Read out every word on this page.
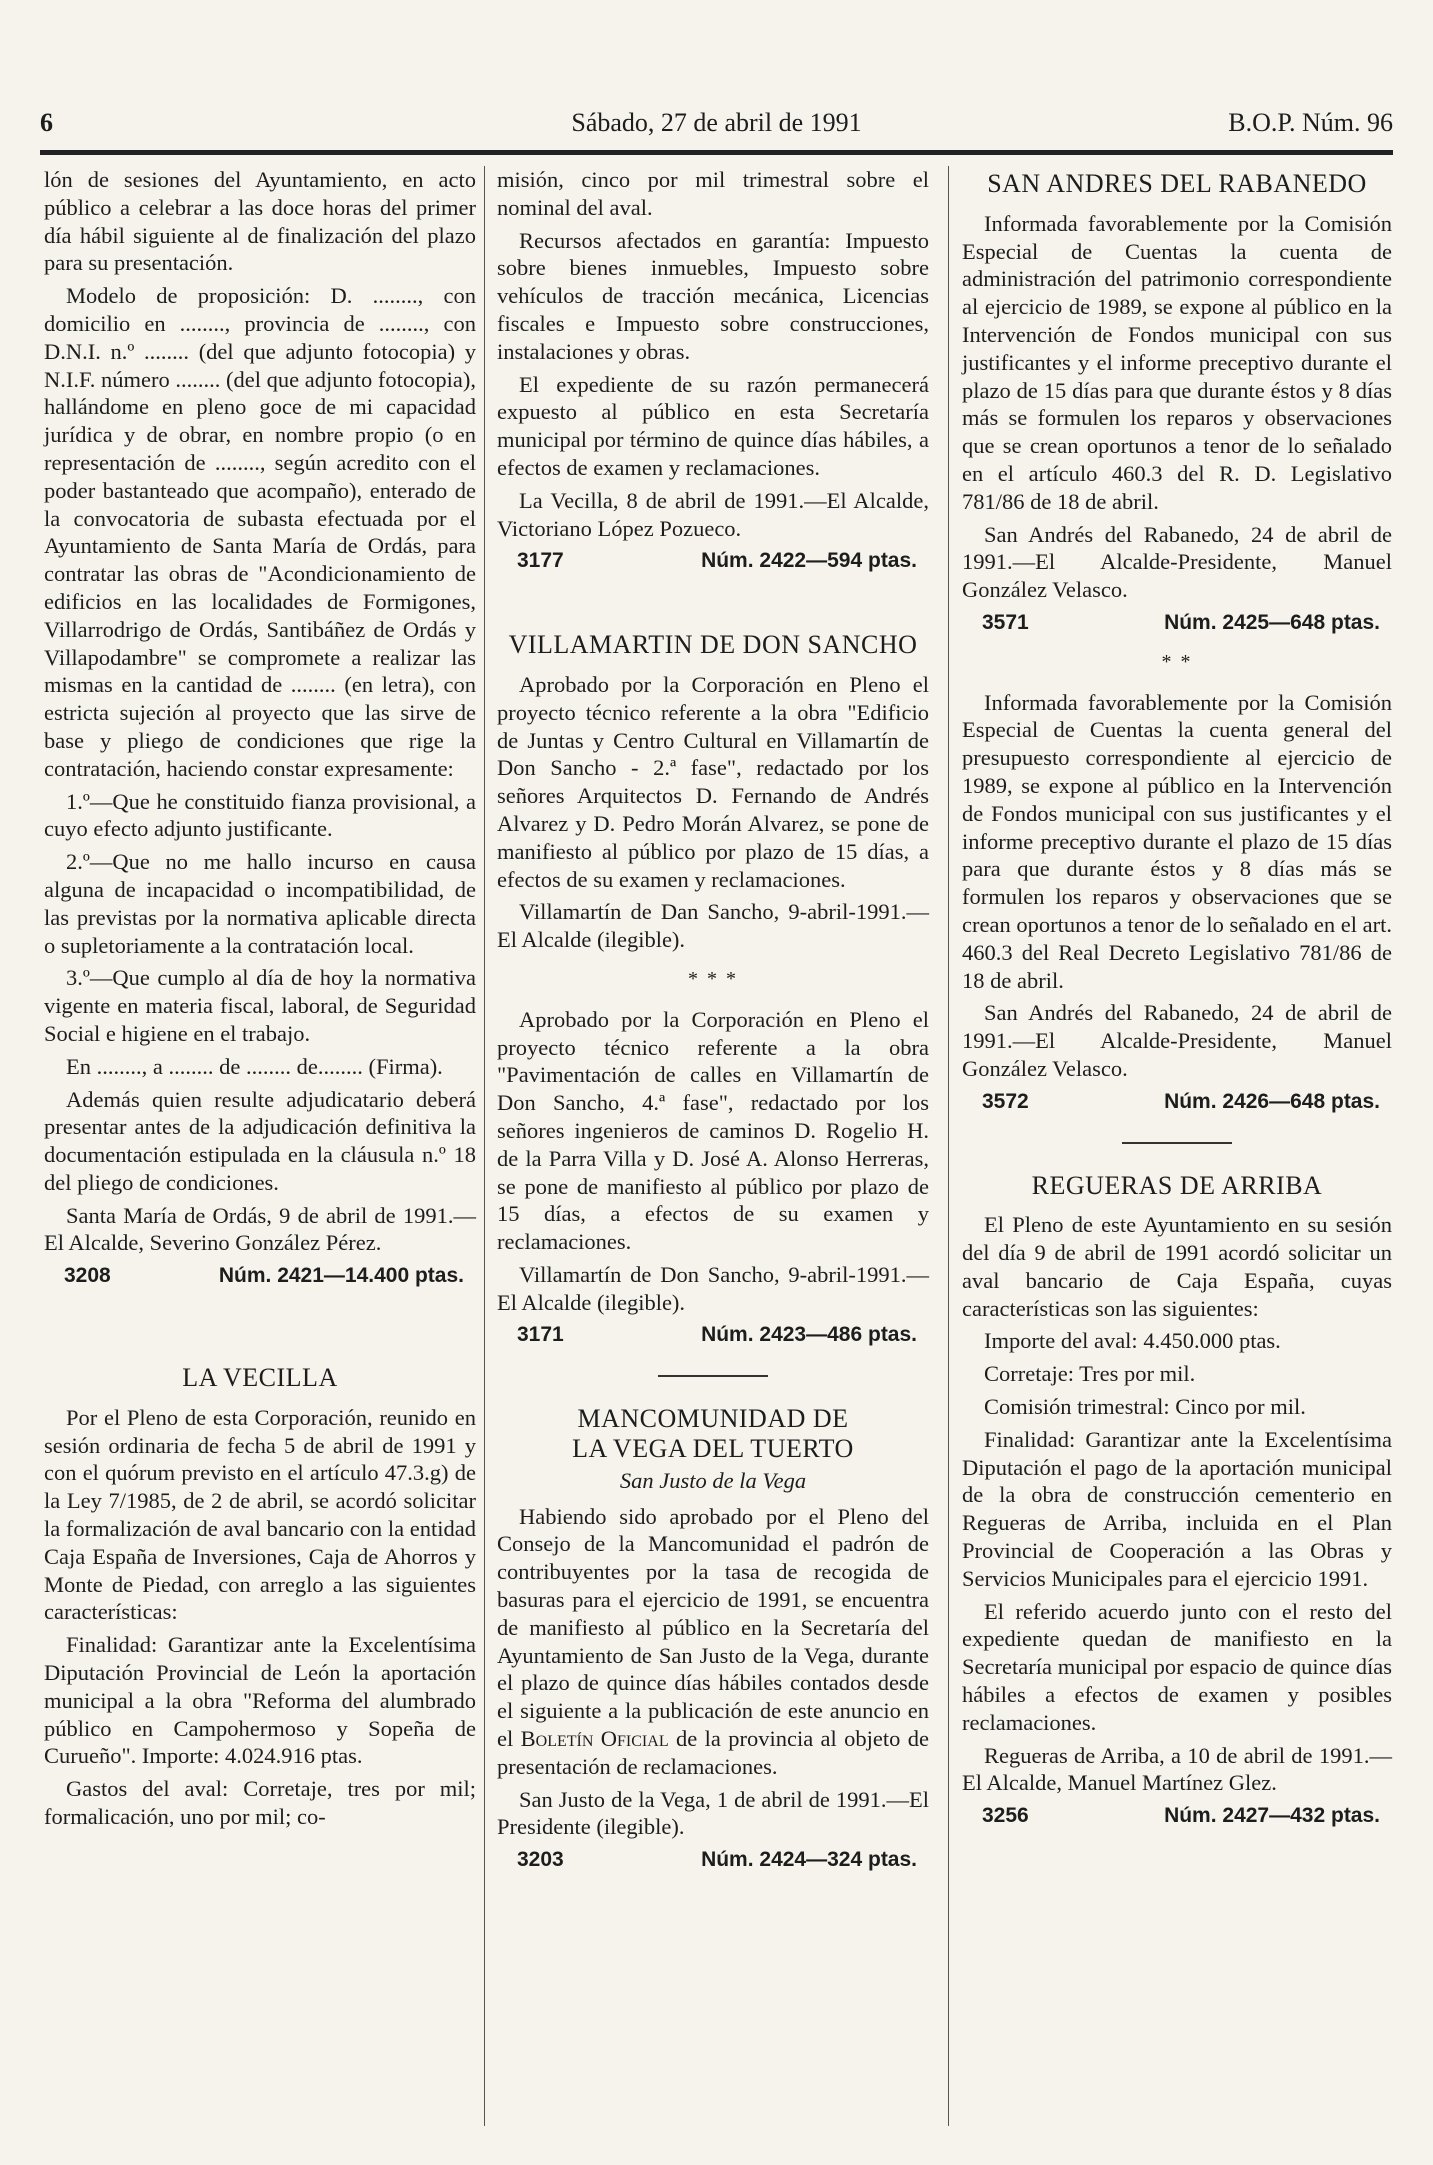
6	Sábado, 27 de abril de 1991	B.O.P. Núm. 96

lón de sesiones del Ayuntamiento, en acto público a celebrar a las doce horas del primer día hábil siguiente al de finalización del plazo para su presentación.

Modelo de proposición: D. ........, con domicilio en ........, provincia de ........, con D.N.I. n.º ........ (del que adjunto fotocopia) y N.I.F. número ........ (del que adjunto fotocopia), hallándome en pleno goce de mi capacidad jurídica y de obrar, en nombre propio (o en representación de ........, según acredito con el poder bastanteado que acompaño), enterado de la convocatoria de subasta efectuada por el Ayuntamiento de Santa María de Ordás, para contratar las obras de "Acondicionamiento de edificios en las localidades de Formigones, Villarrodrigo de Ordás, Santibáñez de Ordás y Villapodambre" se compromete a realizar las mismas en la cantidad de ........ (en letra), con estricta sujeción al proyecto que las sirve de base y pliego de condiciones que rige la contratación, haciendo constar expresamente:

1.º—Que he constituido fianza provisional, a cuyo efecto adjunto justificante.

2.º—Que no me hallo incurso en causa alguna de incapacidad o incompatibilidad, de las previstas por la normativa aplicable directa o supletoriamente a la contratación local.

3.º—Que cumplo al día de hoy la normativa vigente en materia fiscal, laboral, de Seguridad Social e higiene en el trabajo.

En ........, a ........ de ........ de........ (Firma).

Además quien resulte adjudicatario deberá presentar antes de la adjudicación definitiva la documentación estipulada en la cláusula n.º 18 del pliego de condiciones.

Santa María de Ordás, 9 de abril de 1991.—El Alcalde, Severino González Pérez.

3208	Núm. 2421—14.400 ptas.
LA VECILLA

Por el Pleno de esta Corporación, reunido en sesión ordinaria de fecha 5 de abril de 1991 y con el quórum previsto en el artículo 47.3.g) de la Ley 7/1985, de 2 de abril, se acordó solicitar la formalización de aval bancario con la entidad Caja España de Inversiones, Caja de Ahorros y Monte de Piedad, con arreglo a las siguientes características:

Finalidad: Garantizar ante la Excelentísima Diputación Provincial de León la aportación municipal a la obra "Reforma del alumbrado público en Campohermoso y Sopeña de Curueño". Importe: 4.024.916 ptas.

Gastos del aval: Corretaje, tres por mil; formalicación, uno por mil; co-

misión, cinco por mil trimestral sobre el nominal del aval.

Recursos afectados en garantía: Impuesto sobre bienes inmuebles, Impuesto sobre vehículos de tracción mecánica, Licencias fiscales e Impuesto sobre construcciones, instalaciones y obras.

El expediente de su razón permanecerá expuesto al público en esta Secretaría municipal por término de quince días hábiles, a efectos de examen y reclamaciones.

La Vecilla, 8 de abril de 1991.—El Alcalde, Victoriano López Pozueco.

3177	Núm. 2422—594 ptas.
VILLAMARTIN DE DON SANCHO

Aprobado por la Corporación en Pleno el proyecto técnico referente a la obra "Edificio de Juntas y Centro Cultural en Villamartín de Don Sancho - 2.ª fase", redactado por los señores Arquitectos D. Fernando de Andrés Alvarez y D. Pedro Morán Alvarez, se pone de manifiesto al público por plazo de 15 días, a efectos de su examen y reclamaciones.

Villamartín de Dan Sancho, 9-abril-1991.—El Alcalde (ilegible).

* * *

Aprobado por la Corporación en Pleno el proyecto técnico referente a la obra "Pavimentación de calles en Villamartín de Don Sancho, 4.ª fase", redactado por los señores ingenieros de caminos D. Rogelio H. de la Parra Villa y D. José A. Alonso Herreras, se pone de manifiesto al público por plazo de 15 días, a efectos de su examen y reclamaciones.

Villamartín de Don Sancho, 9-abril-1991.—El Alcalde (ilegible).

3171	Núm. 2423—486 ptas.
MANCOMUNIDAD DE
LA VEGA DEL TUERTO
San Justo de la Vega

Habiendo sido aprobado por el Pleno del Consejo de la Mancomunidad el padrón de contribuyentes por la tasa de recogida de basuras para el ejercicio de 1991, se encuentra de manifiesto al público en la Secretaría del Ayuntamiento de San Justo de la Vega, durante el plazo de quince días hábiles contados desde el siguiente a la publicación de este anuncio en el Boletín Oficial de la provincia al objeto de presentación de reclamaciones.

San Justo de la Vega, 1 de abril de 1991.—El Presidente (ilegible).

3203	Núm. 2424—324 ptas.
SAN ANDRES DEL RABANEDO

Informada favorablemente por la Comisión Especial de Cuentas la cuenta de administración del patrimonio correspondiente al ejercicio de 1989, se expone al público en la Intervención de Fondos municipal con sus justificantes y el informe preceptivo durante el plazo de 15 días para que durante éstos y 8 días más se formulen los reparos y observaciones que se crean oportunos a tenor de lo señalado en el artículo 460.3 del R. D. Legislativo 781/86 de 18 de abril.

San Andrés del Rabanedo, 24 de abril de 1991.—El Alcalde-Presidente, Manuel González Velasco.

3571	Núm. 2425—648 ptas.
* *

Informada favorablemente por la Comisión Especial de Cuentas la cuenta general del presupuesto correspondiente al ejercicio de 1989, se expone al público en la Intervención de Fondos municipal con sus justificantes y el informe preceptivo durante el plazo de 15 días para que durante éstos y 8 días más se formulen los reparos y observaciones que se crean oportunos a tenor de lo señalado en el art. 460.3 del Real Decreto Legislativo 781/86 de 18 de abril.

San Andrés del Rabanedo, 24 de abril de 1991.—El Alcalde-Presidente, Manuel González Velasco.

3572	Núm. 2426—648 ptas.
REGUERAS DE ARRIBA

El Pleno de este Ayuntamiento en su sesión del día 9 de abril de 1991 acordó solicitar un aval bancario de Caja España, cuyas características son las siguientes:

Importe del aval: 4.450.000 ptas.

Corretaje: Tres por mil.

Comisión trimestral: Cinco por mil.

Finalidad: Garantizar ante la Excelentísima Diputación el pago de la aportación municipal de la obra de construcción cementerio en Regueras de Arriba, incluida en el Plan Provincial de Cooperación a las Obras y Servicios Municipales para el ejercicio 1991.

El referido acuerdo junto con el resto del expediente quedan de manifiesto en la Secretaría municipal por espacio de quince días hábiles a efectos de examen y posibles reclamaciones.

Regueras de Arriba, a 10 de abril de 1991.—El Alcalde, Manuel Martínez Glez.

3256	Núm. 2427—432 ptas.
